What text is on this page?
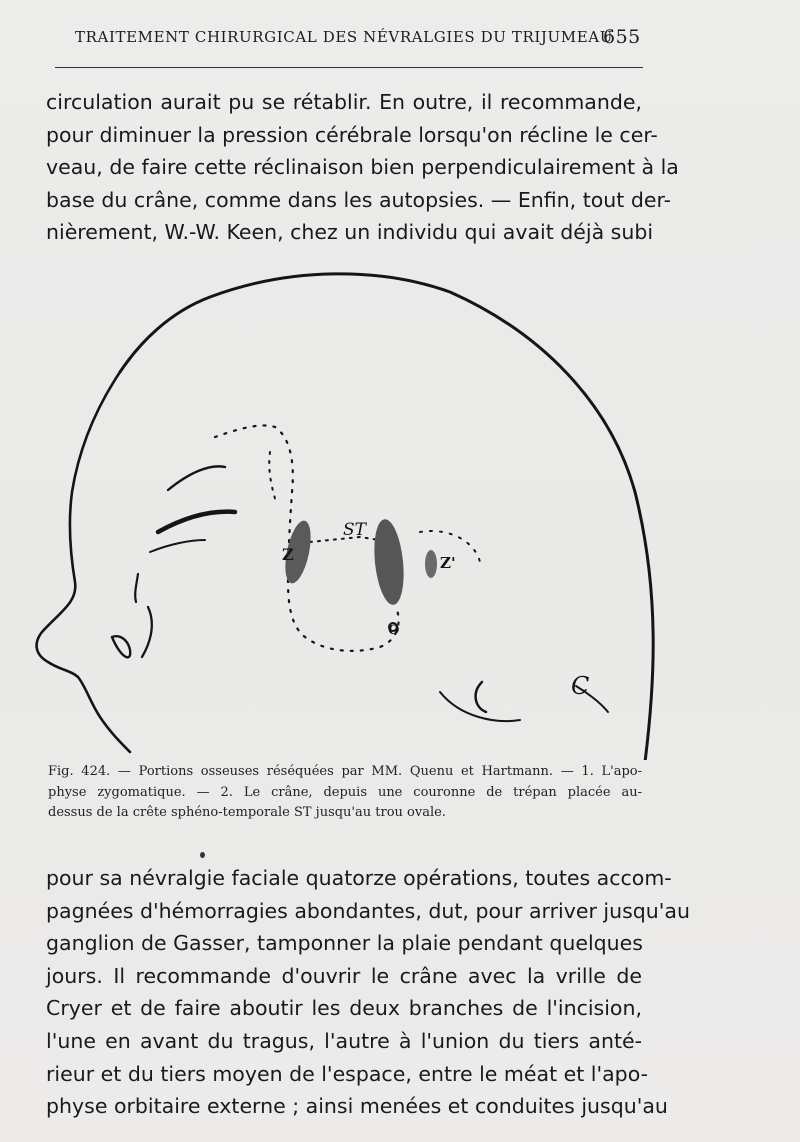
TRAITEMENT CHIRURGICAL DES NÉVRALGIES DU TRIJUMEAU
655
circulation aurait pu se rétablir. En outre, il recommande,
pour diminuer la pression cérébrale lorsqu'on récline le cer-
veau, de faire cette réclinaison bien perpendiculairement à la
base du crâne, comme dans les autopsies. — Enfin, tout der-
nièrement, W.-W. Keen, chez un individu qui avait déjà subi
ST
Z	Z'
O
C
Fig. 424. — Portions osseuses réséquées par MM. Quenu et Hartmann. — 1. L'apo-
physe zygomatique. — 2. Le crâne, depuis une couronne de trépan placée au-
dessus de la crête sphéno-temporale ST jusqu'au trou ovale.
pour sa névralgie faciale quatorze opérations, toutes accom-
pagnées d'hémorragies abondantes, dut, pour arriver jusqu'au
ganglion de Gasser, tamponner la plaie pendant quelques
jours. Il recommande d'ouvrir le crâne avec la vrille de
Cryer et de faire aboutir les deux branches de l'incision,
l'une en avant du tragus, l'autre à l'union du tiers anté-
rieur et du tiers moyen de l'espace, entre le méat et l'apo-
physe orbitaire externe ; ainsi menées et conduites jusqu'au
